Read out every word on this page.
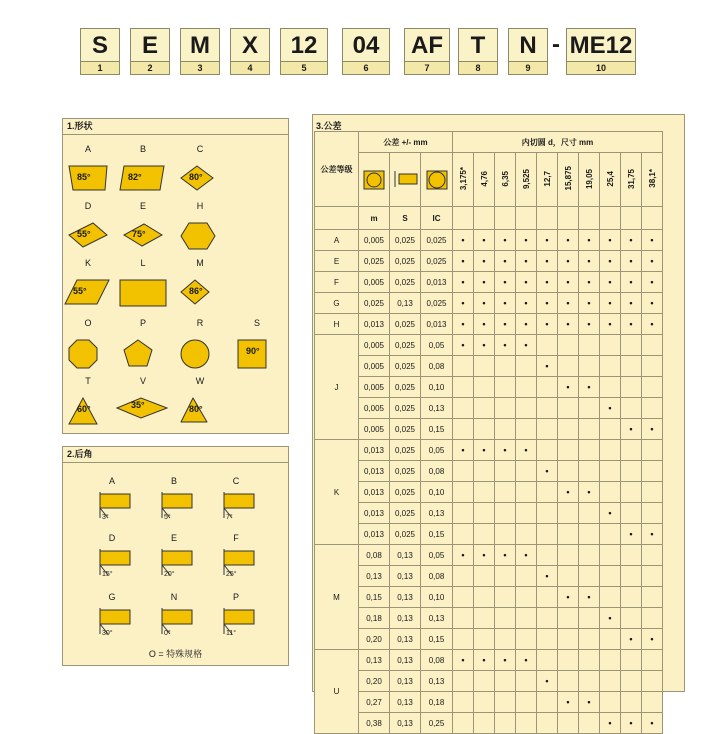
S
1
E
2
M
3
X
4
12
5
04
6
AF
7
T
8
N
9
ME12
10
-
1.形状
2.后角
O = 特殊规格
3.公差
公差等级	公差 +/- mm			内切圆 d，尺寸 mm									
			3,175*	4,76	6,35	9,525	12,7	15,875	19,05	25,4	31,75	38,1*
	m	S	IC										
A	0,005	0,025	0,025	•	•	•	•	•	•	•	•	•	•
E	0,025	0,025	0,025	•	•	•	•	•	•	•	•	•	•
F	0,005	0,025	0,013	•	•	•	•	•	•	•	•	•	•
G	0,025	0,13	0,025	•	•	•	•	•	•	•	•	•	•
H	0,013	0,025	0,013	•	•	•	•	•	•	•	•	•	•
J	0,005	0,025	0,05	•	•	•	•						
	0,005	0,025	0,08					•					
	0,005	0,025	0,10						•	•			
	0,005	0,025	0,13								•		
	0,005	0,025	0,15									•	•
K	0,013	0,025	0,05	•	•	•	•						
	0,013	0,025	0,08					•					
	0,013	0,025	0,10						•	•			
	0,013	0,025	0,13								•		
	0,013	0,025	0,15									•	•
M	0,08	0,13	0,05	•	•	•	•						
	0,13	0,13	0,08					•					
	0,15	0,13	0,10						•	•			
	0,18	0,13	0,13								•		
	0,20	0,13	0,15									•	•
U	0,13	0,13	0,08	•	•	•	•						
	0,20	0,13	0,13					•					
	0,27	0,13	0,18						•	•			
	0,38	0,13	0,25								•	•	•
A
85°
B
82°
C
80°
D
55°
E
75°
H
K
55°
L	M
86°
O	P	R	S
90°
T
60°
V
35°
W
80°
A
3°
B
5°
C
7°
D
15°
E
20°
F
25°
G
30°
N
0°
P
11°
